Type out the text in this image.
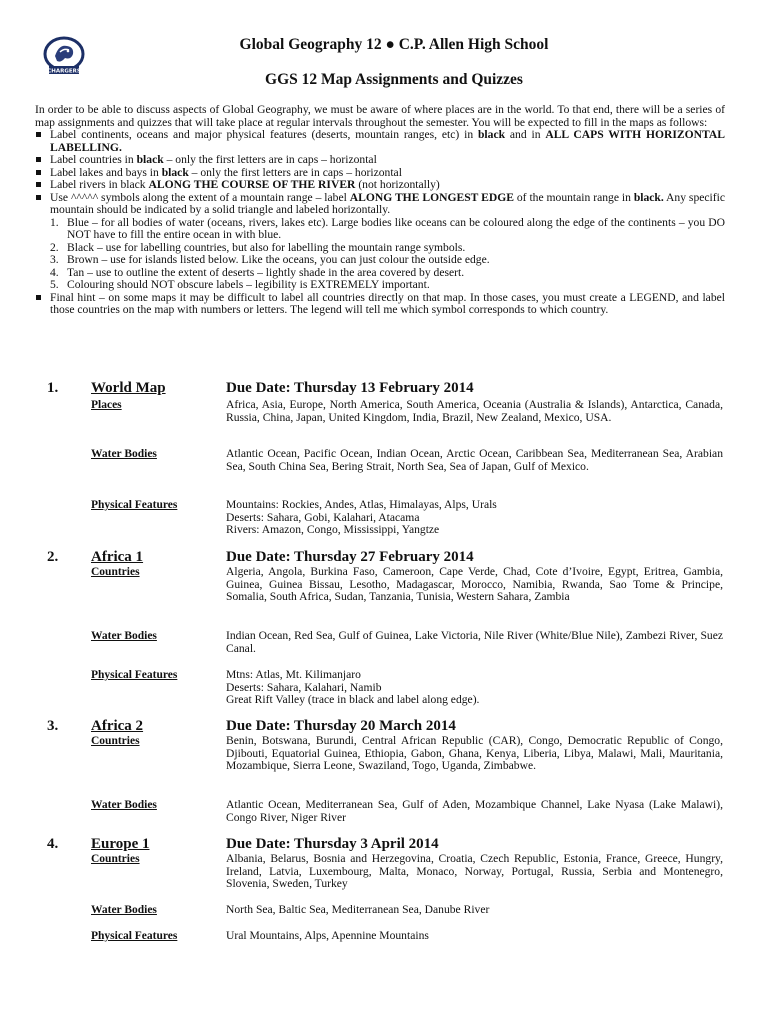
CHARGERS
Global Geography 12 ● C.P. Allen High School
GGS 12 Map Assignments and Quizzes

In order to be able to discuss aspects of Global Geography, we must be aware of where places are in the world. To that end, there will be a series of map assignments and quizzes that will take place at regular intervals throughout the semester. You will be expected to fill in the maps as follows:

Label continents, oceans and major physical features (deserts, mountain ranges, etc) in black and in ALL CAPS WITH HORIZONTAL LABELLING.
Label countries in black – only the first letters are in caps – horizontal
Label lakes and bays in black – only the first letters are in caps – horizontal
Label rivers in black ALONG THE COURSE OF THE RIVER (not horizontally)
Use ^^^^^ symbols along the extent of a mountain range – label ALONG THE LONGEST EDGE of the mountain range in black. Any specific mountain should be indicated by a solid triangle and labeled horizontally.
1. Blue – for all bodies of water (oceans, rivers, lakes etc). Large bodies like oceans can be coloured along the edge of the continents – you DO NOT have to fill the entire ocean in with blue.
2. Black – use for labelling countries, but also for labelling the mountain range symbols.
3. Brown – use for islands listed below. Like the oceans, you can just colour the outside edge.
4. Tan – use to outline the extent of deserts – lightly shade in the area covered by desert.
5. Colouring should NOT obscure labels – legibility is EXTREMELY important.
Final hint – on some maps it may be difficult to label all countries directly on that map. In those cases, you must create a LEGEND, and label those countries on the map with numbers or letters. The legend will tell me which symbol corresponds to which country.
1. World Map	Due Date: Thursday 13 February 2014
Places	Africa, Asia, Europe, North America, South America, Oceania (Australia & Islands), Antarctica, Canada, Russia, China, Japan, United Kingdom, India, Brazil, New Zealand, Mexico, USA.
Water Bodies	Atlantic Ocean, Pacific Ocean, Indian Ocean, Arctic Ocean, Caribbean Sea, Mediterranean Sea, Arabian Sea, South China Sea, Bering Strait, North Sea, Sea of Japan, Gulf of Mexico.
Physical Features	Mountains: Rockies, Andes, Atlas, Himalayas, Alps, Urals
Deserts: Sahara, Gobi, Kalahari, Atacama
Rivers: Amazon, Congo, Mississippi, Yangtze
2. Africa 1	Due Date: Thursday 27 February 2014
Countries	Algeria, Angola, Burkina Faso, Cameroon, Cape Verde, Chad, Cote d’Ivoire, Egypt, Eritrea, Gambia, Guinea, Guinea Bissau, Lesotho, Madagascar, Morocco, Namibia, Rwanda, Sao Tome & Principe, Somalia, South Africa, Sudan, Tanzania, Tunisia, Western Sahara, Zambia
Water Bodies	Indian Ocean, Red Sea, Gulf of Guinea, Lake Victoria, Nile River (White/Blue Nile), Zambezi River, Suez Canal.
Physical Features	Mtns: Atlas, Mt. Kilimanjaro
Deserts: Sahara, Kalahari, Namib
Great Rift Valley (trace in black and label along edge).
3. Africa 2	Due Date: Thursday 20 March 2014
Countries	Benin, Botswana, Burundi, Central African Republic (CAR), Congo, Democratic Republic of Congo, Djibouti, Equatorial Guinea, Ethiopia, Gabon, Ghana, Kenya, Liberia, Libya, Malawi, Mali, Mauritania, Mozambique, Sierra Leone, Swaziland, Togo, Uganda, Zimbabwe.
Water Bodies	Atlantic Ocean, Mediterranean Sea, Gulf of Aden, Mozambique Channel, Lake Nyasa (Lake Malawi), Congo River, Niger River
4. Europe 1	Due Date: Thursday 3 April 2014
Countries	Albania, Belarus, Bosnia and Herzegovina, Croatia, Czech Republic, Estonia, France, Greece, Hungry, Ireland, Latvia, Luxembourg, Malta, Monaco, Norway, Portugal, Russia, Serbia and Montenegro, Slovenia, Sweden, Turkey
Water Bodies	North Sea, Baltic Sea, Mediterranean Sea, Danube River
Physical Features	Ural Mountains, Alps, Apennine Mountains
